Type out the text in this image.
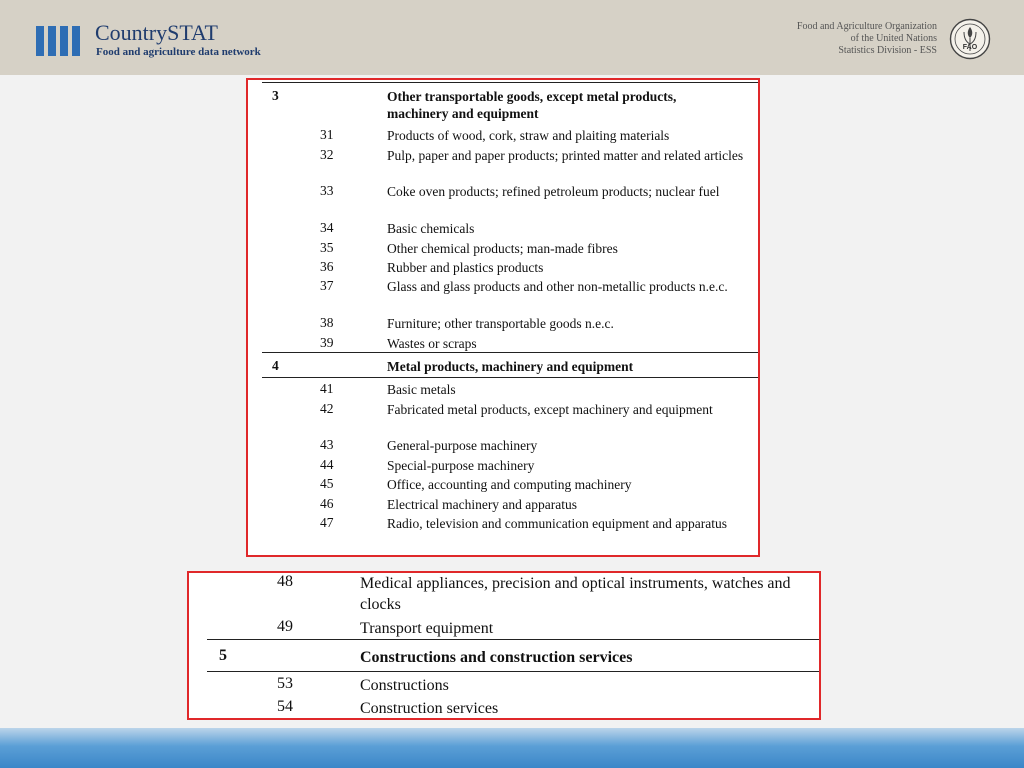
CountrySTAT
Food and agriculture data network
Food and Agriculture Organization
of the United Nations
Statistics Division - ESS	FAO
3	Other transportable goods, except metal products,
machinery and equipment
31	Products of wood, cork, straw and plaiting materials
32	Pulp, paper and paper products; printed matter and related articles
33	Coke oven products; refined petroleum products; nuclear fuel
34	Basic chemicals
35	Other chemical products; man-made fibres
36	Rubber and plastics products
37	Glass and glass products and other non-metallic products n.e.c.
38	Furniture; other transportable goods n.e.c.
39	Wastes or scraps
4	Metal products, machinery and equipment
41	Basic metals
42	Fabricated metal products, except machinery and equipment
43	General-purpose machinery
44	Special-purpose machinery
45	Office, accounting and computing machinery
46	Electrical machinery and apparatus
47	Radio, television and communication equipment and apparatus
48	Medical appliances, precision and optical instruments, watches and clocks
49	Transport equipment
5	Constructions and construction services
53	Constructions
54	Construction services
